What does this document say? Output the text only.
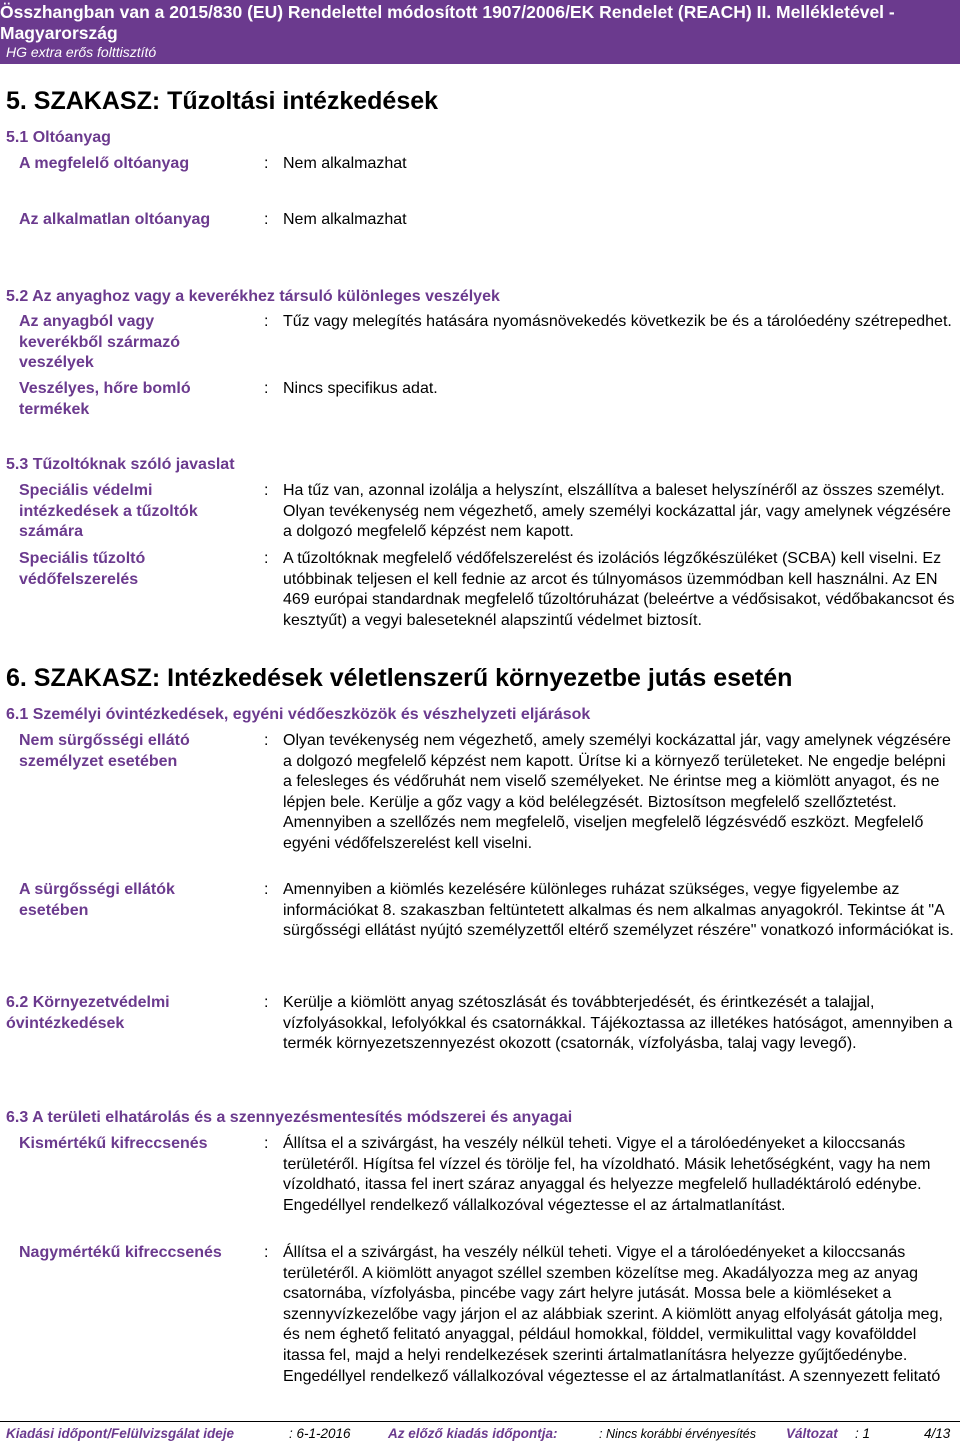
Összhangban van a 2015/830 (EU) Rendelettel módosított 1907/2006/EK Rendelet (REACH) II. Mellékletével - Magyarország
HG extra erős folttisztító
5. SZAKASZ: Tűzoltási intézkedések
5.1 Oltóanyag
A megfelelő oltóanyag	: Nem alkalmazhat
Az alkalmatlan oltóanyag	: Nem alkalmazhat
5.2 Az anyaghoz vagy a keverékhez társuló különleges veszélyek
Az anyagból vagy keverékből származó veszélyek
: Tűz vagy melegítés hatására nyomásnövekedés következik be és a tárolóedény szétrepedhet.
Veszélyes, hőre bomló termékek
: Nincs specifikus adat.
5.3 Tűzoltóknak szóló javaslat
Speciális védelmi intézkedések a tűzoltók számára
: Ha tűz van, azonnal izolálja a helyszínt, elszállítva a baleset helyszínéről az összes személyt. Olyan tevékenység nem végezhető, amely személyi kockázattal jár, vagy amelynek végzésére a dolgozó megfelelő képzést nem kapott.
Speciális tűzoltó védőfelszerelés
: A tűzoltóknak megfelelő védőfelszerelést és izolációs légzőkészüléket (SCBA) kell viselni. Ez utóbbinak teljesen el kell fednie az arcot és túlnyomásos üzemmódban kell használni. Az EN 469 európai standardnak megfelelő tűzoltóruházat (beleértve a védősisakot, védőbakancsot és kesztyűt) a vegyi baleseteknél alapszintű védelmet biztosít.
6. SZAKASZ: Intézkedések véletlenszerű környezetbe jutás esetén
6.1 Személyi óvintézkedések, egyéni védőeszközök és vészhelyzeti eljárások
Nem sürgősségi ellátó személyzet esetében
: Olyan tevékenység nem végezhető, amely személyi kockázattal jár, vagy amelynek végzésére a dolgozó megfelelő képzést nem kapott. Ürítse ki a környező területeket. Ne engedje belépni a felesleges és védőruhát nem viselő személyeket. Ne érintse meg a kiömlött anyagot, és ne lépjen bele. Kerülje a gőz vagy a köd belélegzését. Biztosítson megfelelő szellőztetést. Amennyiben a szellőzés nem megfelelõ, viseljen megfelelõ légzésvédő eszközt. Megfelelő egyéni védőfelszerelést kell viselni.
A sürgősségi ellátók esetében
: Amennyiben a kiömlés kezelésére különleges ruházat szükséges, vegye figyelembe az információkat 8. szakaszban feltüntetett alkalmas és nem alkalmas anyagokról. Tekintse át "A sürgősségi ellátást nyújtó személyzettől eltérő személyzet részére" vonatkozó információkat is.
6.2 Környezetvédelmi óvintézkedések
: Kerülje a kiömlött anyag szétoszlását és továbbterjedését, és érintkezését a talajjal, vízfolyásokkal, lefolyókkal és csatornákkal. Tájékoztassa az illetékes hatóságot, amennyiben a termék környezetszennyezést okozott (csatornák, vízfolyásba, talaj vagy levegő).
6.3 A területi elhatárolás és a szennyezésmentesítés módszerei és anyagai
Kismértékű kifreccsenés	: Állítsa el a szivárgást, ha veszély nélkül teheti. Vigye el a tárolóedényeket a kiloccsanás területéről. Hígítsa fel vízzel és törölje fel, ha vízoldható. Másik lehetőségként, vagy ha nem vízoldható, itassa fel inert száraz anyaggal és helyezze megfelelő hulladéktároló edénybe. Engedéllyel rendelkező vállalkozóval végeztesse el az ártalmatlanítást.
Nagymértékű kifreccsenés	: Állítsa el a szivárgást, ha veszély nélkül teheti. Vigye el a tárolóedényeket a kiloccsanás területéről. A kiömlött anyagot széllel szemben közelítse meg. Akadályozza meg az anyag csatornába, vízfolyásba, pincébe vagy zárt helyre jutását. Mossa bele a kiömléseket a szennyvízkezelőbe vagy járjon el az alábbiak szerint. A kiömlött anyag elfolyását gátolja meg, és nem éghető felitató anyaggal, például homokkal, földdel, vermikulittal vagy kovafölddel itassa fel, majd a helyi rendelkezések szerinti ártalmatlanításra helyezze gyűjtőedénybe. Engedéllyel rendelkező vállalkozóval végeztesse el az ártalmatlanítást. A szennyezett felitató
Kiadási időpont/Felülvizsgálat ideje	: 6-1-2016	Az előző kiadás időpontja:	: Nincs korábbi érvényesítés Változat : 1	4/13
